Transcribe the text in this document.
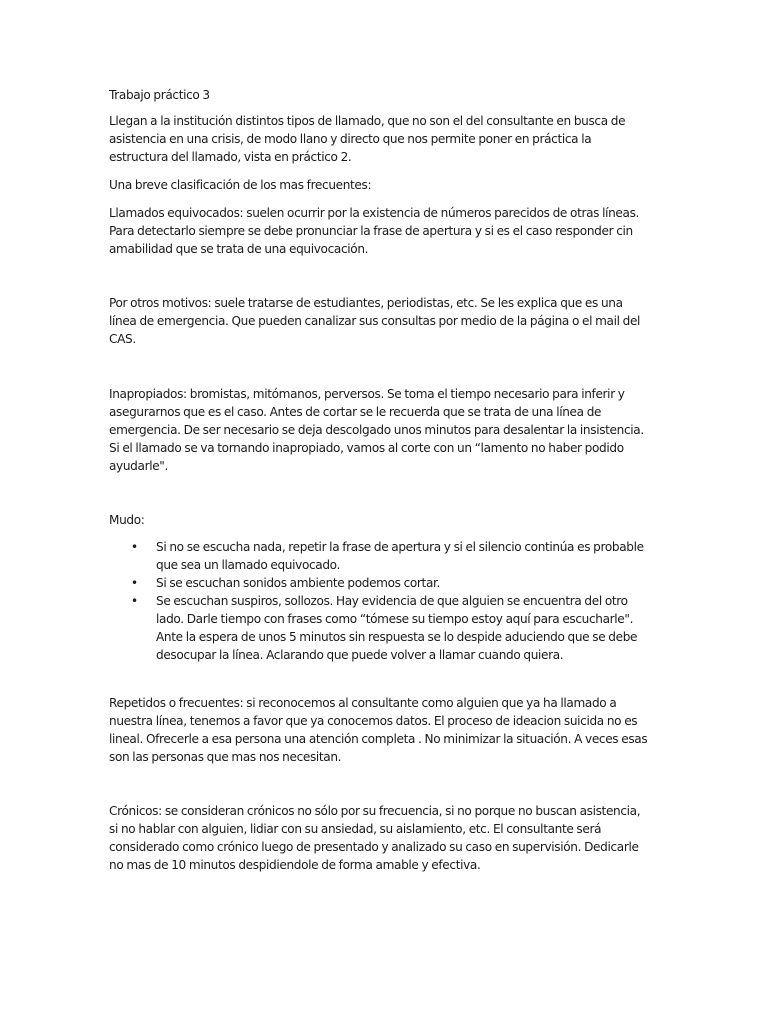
Trabajo práctico 3

Llegan a la institución distintos tipos de llamado, que no son el del consultante en busca de asistencia en una crisis, de modo llano y directo que nos permite poner en práctica la estructura del llamado, vista en práctico 2.

Una breve clasificación de los mas frecuentes:

Llamados equivocados: suelen ocurrir por la existencia de números parecidos de otras líneas. Para detectarlo siempre se debe pronunciar la frase de apertura y si es el caso responder cin amabilidad que se trata de una equivocación.

Por otros motivos: suele tratarse de estudiantes, periodistas, etc. Se les explica que es una línea de emergencia. Que pueden canalizar sus consultas por medio de la página o el mail del CAS.

Inapropiados: bromistas, mitómanos, perversos. Se toma el tiempo necesario para inferir y asegurarnos que es el caso. Antes de cortar se le recuerda que se trata de una línea de emergencia. De ser necesario se deja descolgado unos minutos para desalentar la insistencia. Si el llamado se va tornando inapropiado, vamos al corte con un “lamento no haber podido ayudarle".

Mudo:

• Si no se escucha nada, repetir la frase de apertura y si el silencio continúa es probable que sea un llamado equivocado.
• Si se escuchan sonidos ambiente podemos cortar.
• Se escuchan suspiros, sollozos. Hay evidencia de que alguien se encuentra del otro lado. Darle tiempo con frases como “tómese su tiempo estoy aquí para escucharle". Ante la espera de unos 5 minutos sin respuesta se lo despide aduciendo que se debe desocupar la línea. Aclarando que puede volver a llamar cuando quiera.

Repetidos o frecuentes: si reconocemos al consultante como alguien que ya ha llamado a nuestra línea, tenemos a favor que ya conocemos datos. El proceso de ideacion suicida no es lineal. Ofrecerle a esa persona una atención completa . No minimizar la situación. A veces esas son las personas que mas nos necesitan.

Crónicos: se consideran crónicos no sólo por su frecuencia, si no porque no buscan asistencia, si no hablar con alguien, lidiar con su ansiedad, su aislamiento, etc. El consultante será considerado como crónico luego de presentado y analizado su caso en supervisión. Dedicarle no mas de 10 minutos despidiendole de forma amable y efectiva.
